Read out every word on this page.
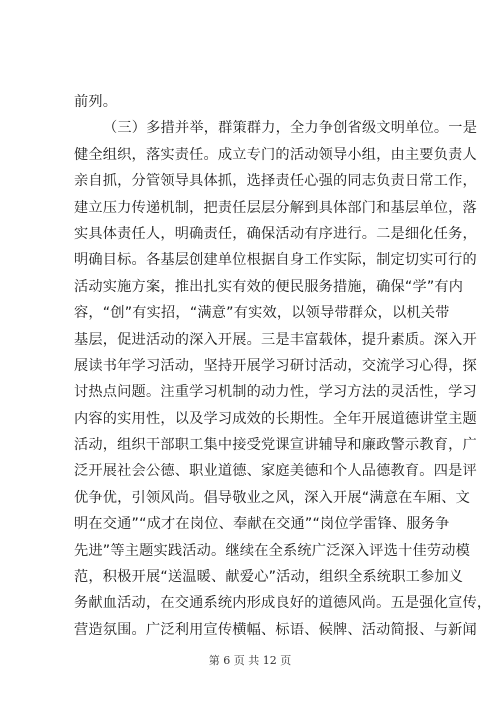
前列。
（三）多措并举，群策群力，全力争创省级文明单位。一是
健全组织，落实责任。成立专门的活动领导小组，由主要负责人
亲自抓，分管领导具体抓，选择责任心强的同志负责日常工作，
建立压力传递机制，把责任层层分解到具体部门和基层单位，落
实具体责任人，明确责任，确保活动有序进行。二是细化任务，
明确目标。各基层创建单位根据自身工作实际，制定切实可行的
活动实施方案，推出扎实有效的便民服务措施，确保“学”有内
容，“创”有实招，“满意”有实效，以领导带群众，以机关带
基层，促进活动的深入开展。三是丰富载体，提升素质。深入开
展读书年学习活动，坚持开展学习研讨活动，交流学习心得，探
讨热点问题。注重学习机制的动力性，学习方法的灵活性，学习
内容的实用性，以及学习成效的长期性。全年开展道德讲堂主题
活动，组织干部职工集中接受党课宣讲辅导和廉政警示教育，广
泛开展社会公德、职业道德、家庭美德和个人品德教育。四是评
优争优，引领风尚。倡导敬业之风，深入开展“满意在车厢、文
明在交通”“成才在岗位、奉献在交通”“岗位学雷锋、服务争
先进”等主题实践活动。继续在全系统广泛深入评选十佳劳动模
范，积极开展“送温暖、献爱心”活动，组织全系统职工参加义
务献血活动，在交通系统内形成良好的道德风尚。五是强化宣传，
营造氛围。广泛利用宣传横幅、标语、候牌、活动简报、与新闻
第 6 页 共 12 页
